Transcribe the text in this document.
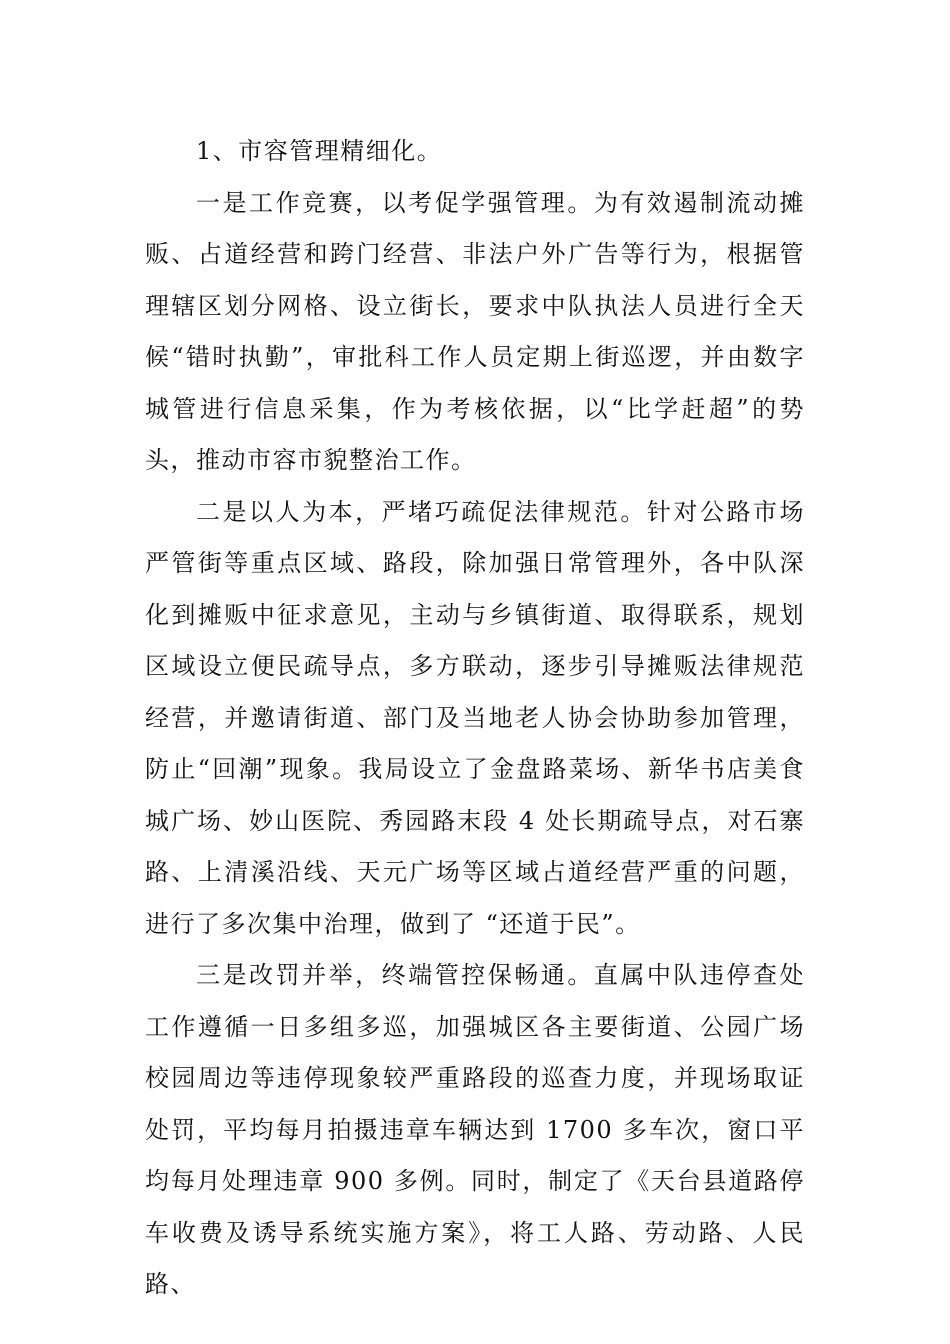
1、市容管理精细化。

一是工作竞赛，以考促学强管理。为有效遏制流动摊贩、占道经营和跨门经营、非法户外广告等行为，根据管理辖区划分网格、设立街长，要求中队执法人员进行全天候“错时执勤”，审批科工作人员定期上街巡逻，并由数字城管进行信息采集，作为考核依据，以“比学赶超”的势头，推动市容市貌整治工作。

二是以人为本，严堵巧疏促法律规范。针对公路市场严管街等重点区域、路段，除加强日常管理外，各中队深化到摊贩中征求意见，主动与乡镇街道、取得联系，规划区域设立便民疏导点，多方联动，逐步引导摊贩法律规范经营，并邀请街道、部门及当地老人协会协助参加管理，防止“回潮”现象。我局设立了金盘路菜场、新华书店美食城广场、妙山医院、秀园路末段 4 处长期疏导点，对石寨路、上清溪沿线、天元广场等区域占道经营严重的问题，进行了多次集中治理，做到了 “还道于民”。

三是改罚并举，终端管控保畅通。直属中队违停查处工作遵循一日多组多巡，加强城区各主要街道、公园广场校园周边等违停现象较严重路段的巡查力度，并现场取证处罚，平均每月拍摄违章车辆达到 1700 多车次，窗口平均每月处理违章 900 多例。同时，制定了《天台县道路停车收费及诱导系统实施方案》，将工人路、劳动路、人民路、
